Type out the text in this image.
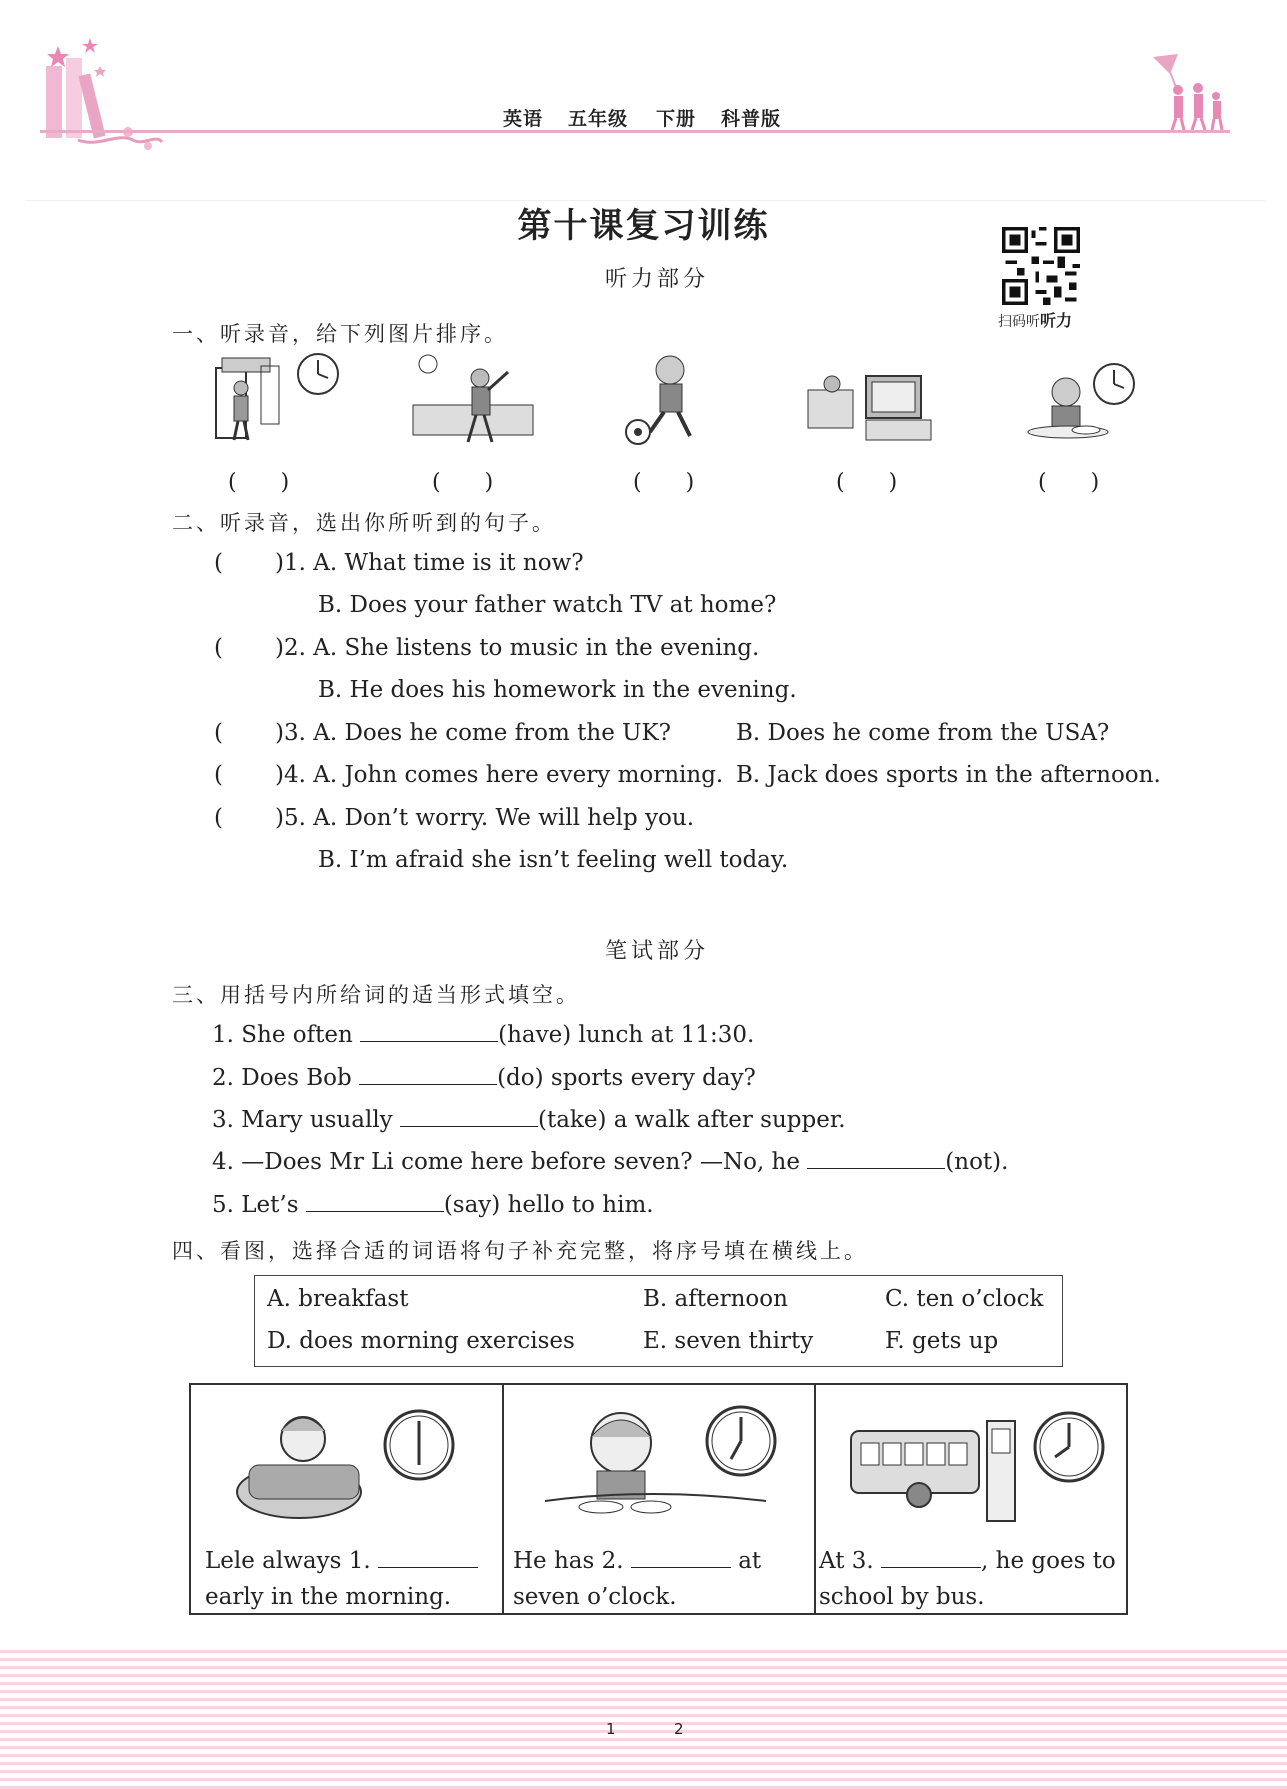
英语 五年级 下册 科普版
第十课复习训练
听力部分
扫码听听力
一、听录音，给下列图片排序。
(　　)	(　　)	(　　)	(　　)	(　　)
二、听录音，选出你所听到的句子。
( )1. A. What time is it now?
B. Does your father watch TV at home?
( )2. A. She listens to music in the evening.
B. He does his homework in the evening.
( )3. A. Does he come from the UK?	B. Does he come from the USA?
( )4. A. John comes here every morning. B. Jack does sports in the afternoon.
( )5. A. Don’t worry. We will help you.
B. I’m afraid she isn’t feeling well today.
笔试部分
三、用括号内所给词的适当形式填空。
1. She often	(have) lunch at 11:30.
2. Does Bob	(do) sports every day?
3. Mary usually	(take) a walk after supper.
4. —Does Mr Li come here before seven? —No, he	(not).
5. Let’s	(say) hello to him.
四、看图，选择合适的词语将句子补充完整，将序号填在横线上。
A. breakfast	B. afternoon	C. ten o’clock
D. does morning exercises	E. seven thirty	F. gets up
Lele always 1.
early in the morning.
He has 2.	at
seven o’clock.
At 3.	, he goes to
school by bus.
1	2
